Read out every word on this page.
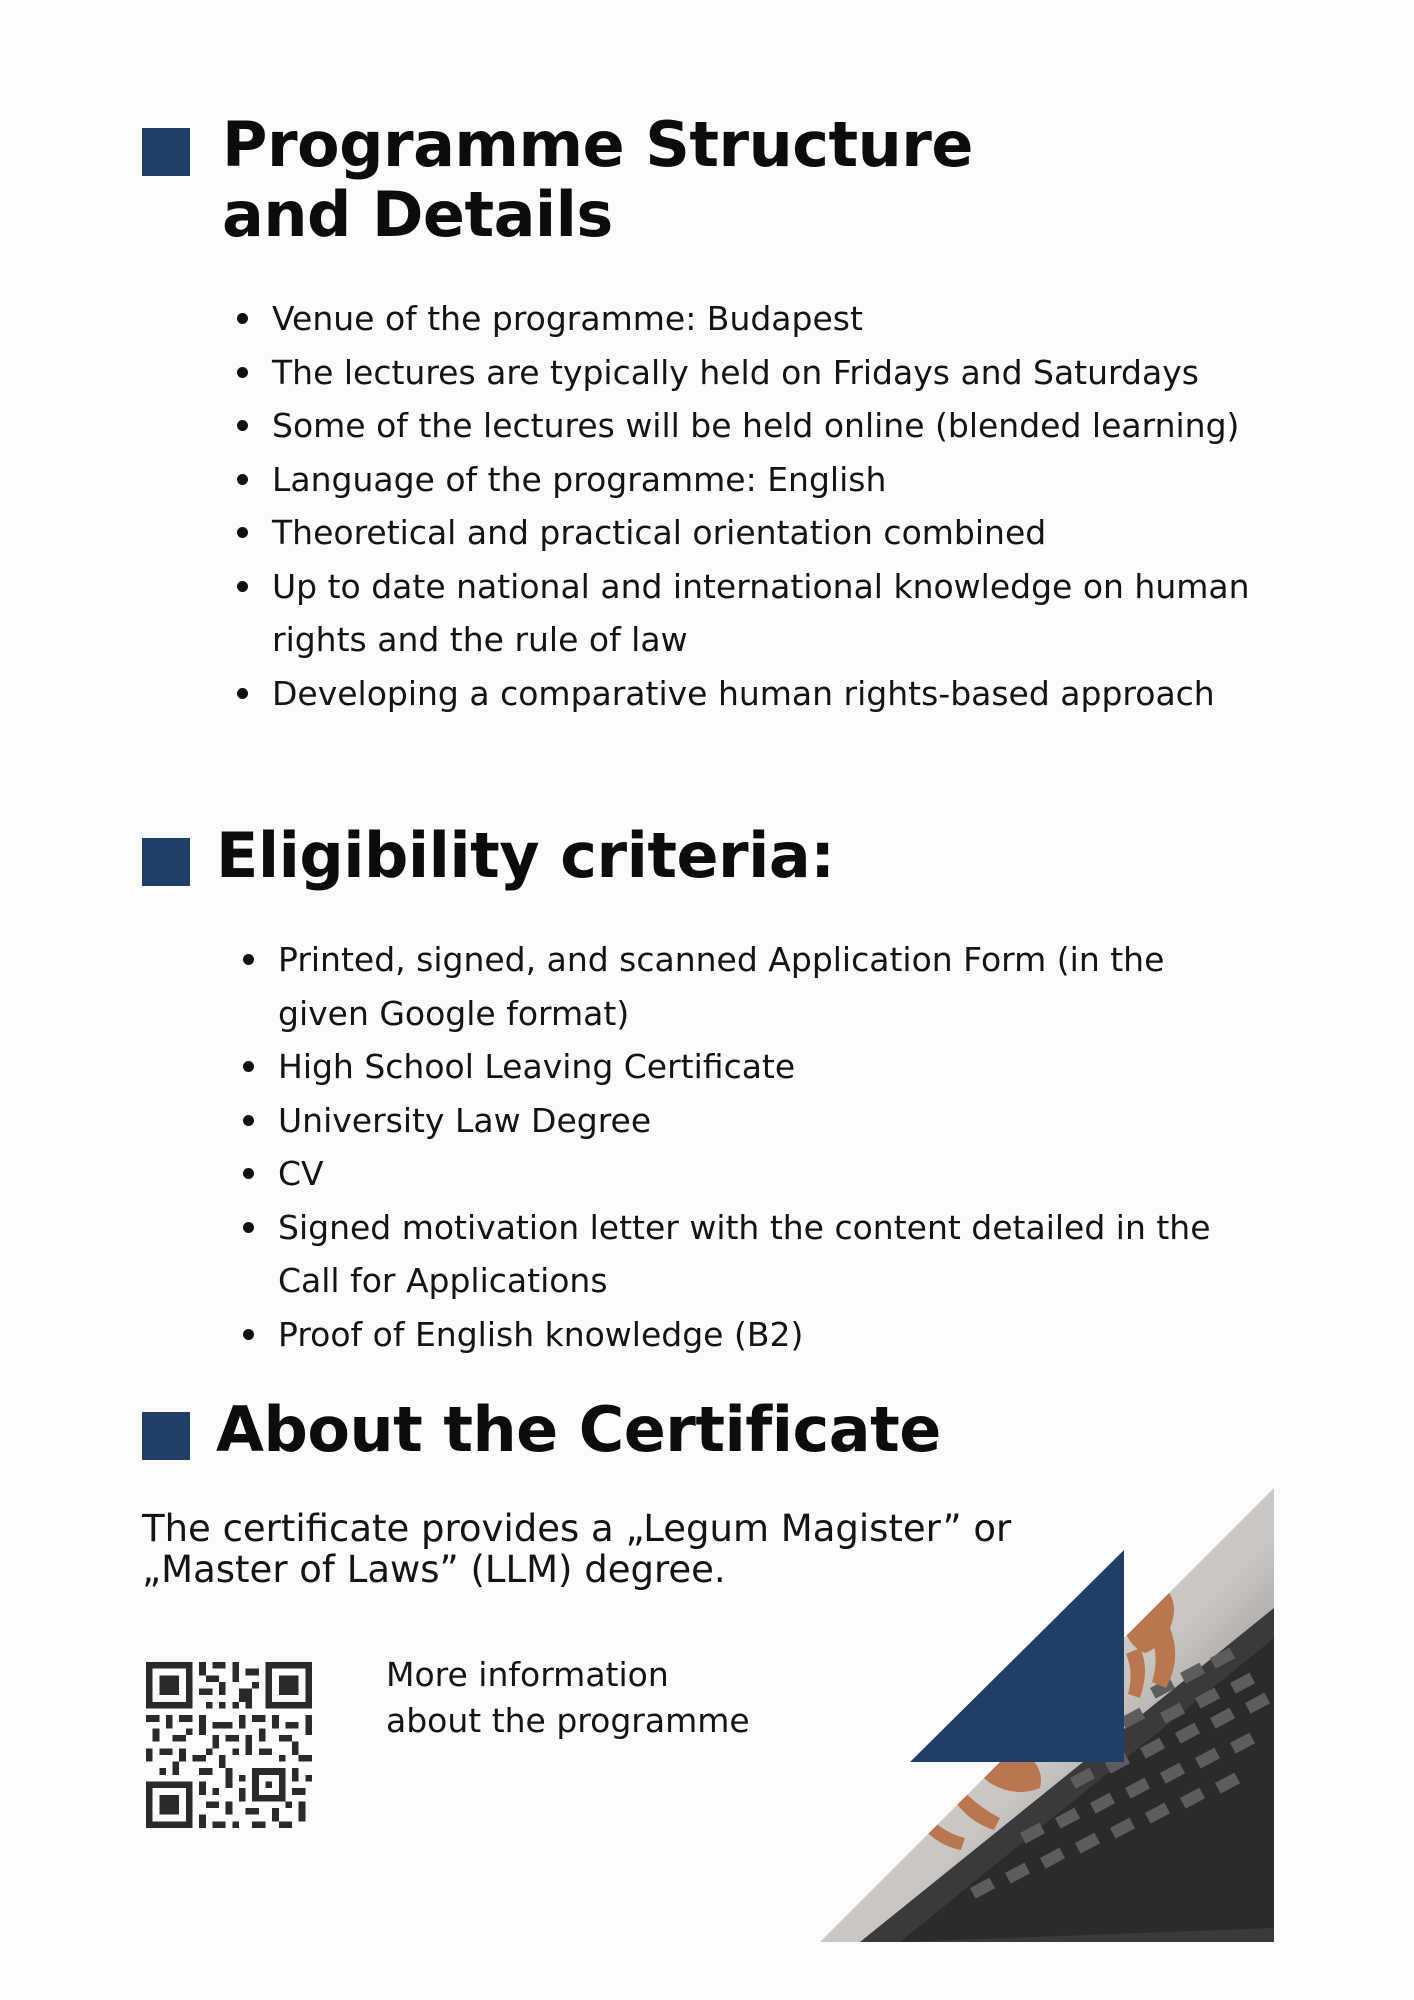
Programme Structure and Details
Venue of the programme: Budapest
The lectures are typically held on Fridays and Saturdays
Some of the lectures will be held online (blended learning)
Language of the programme: English
Theoretical and practical orientation combined
Up to date national and international knowledge on human rights and the rule of law
Developing a comparative human rights-based approach
Eligibility criteria:
Printed, signed, and scanned Application Form (in the given Google format)
High School Leaving Certificate
University Law Degree
CV
Signed motivation letter with the content detailed in the Call for Applications
Proof of English knowledge (B2)
About the Certificate

The certificate provides a „Legum Magister” or
„Master of Laws” (LLM) degree.

More information
about the programme
